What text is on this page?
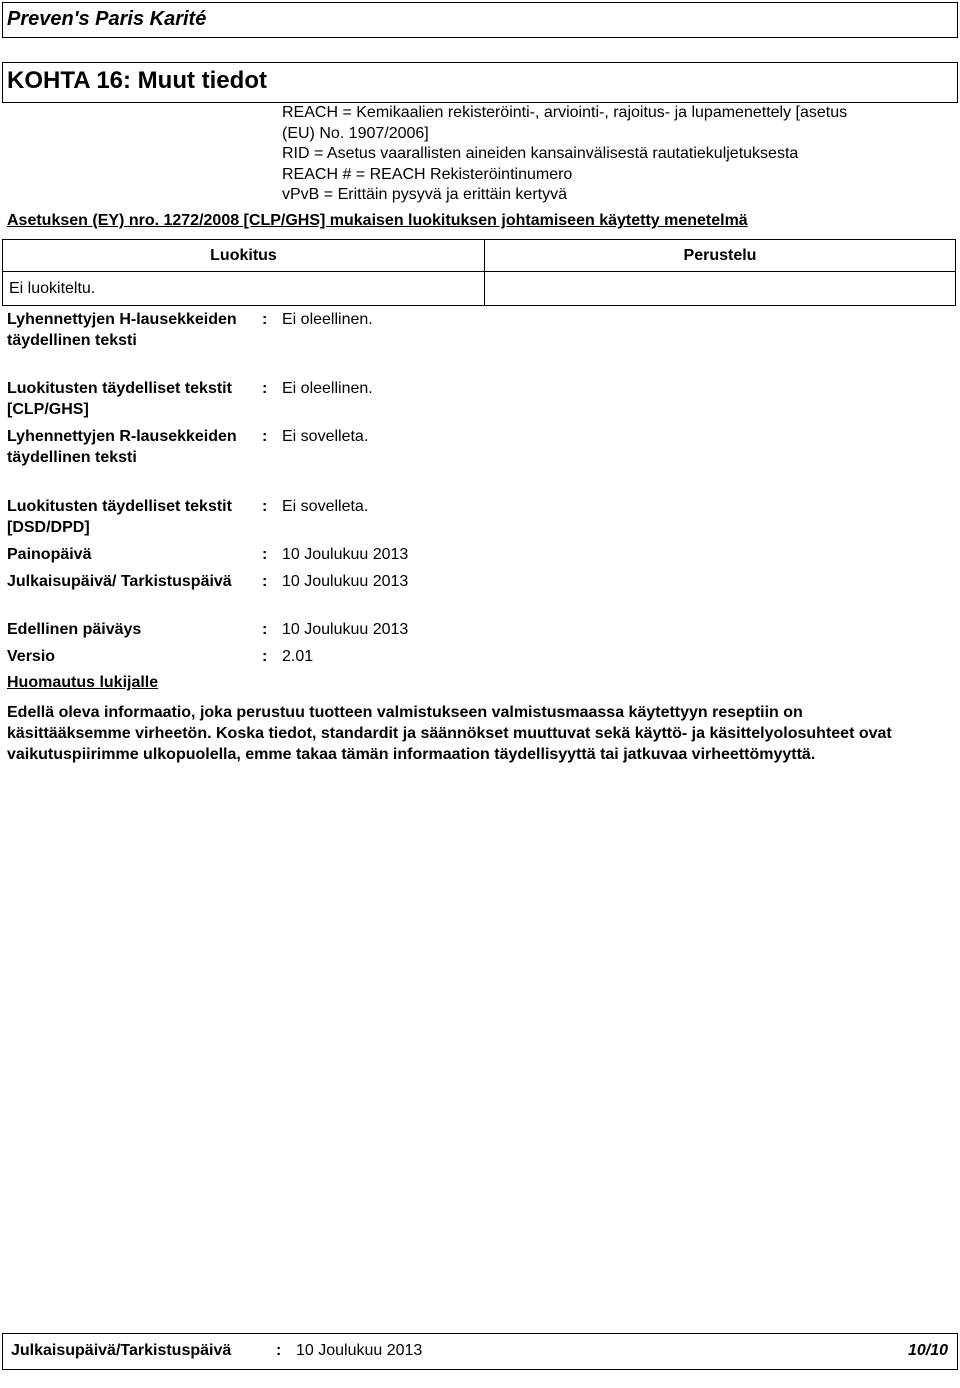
Preven's Paris Karité
KOHTA 16: Muut tiedot
REACH = Kemikaalien rekisteröinti-, arviointi-, rajoitus- ja lupamenettely [asetus
(EU) No. 1907/2006]
RID = Asetus vaarallisten aineiden kansainvälisestä rautatiekuljetuksesta
REACH # = REACH Rekisteröintinumero
vPvB = Erittäin pysyvä ja erittäin kertyvä
Asetuksen (EY) nro. 1272/2008 [CLP/GHS] mukaisen luokituksen johtamiseen käytetty menetelmä
Luokitus	Perustelu
Ei luokiteltu.	
Lyhennettyjen H-lausekkeiden täydellinen teksti
: Ei oleellinen.
Luokitusten täydelliset tekstit [CLP/GHS]
: Ei oleellinen.
Lyhennettyjen R-lausekkeiden täydellinen teksti
: Ei sovelleta.
Luokitusten täydelliset tekstit [DSD/DPD]
: Ei sovelleta.
Painopäivä	: 10 Joulukuu 2013
Julkaisupäivä/ Tarkistuspäivä	: 10 Joulukuu 2013
Edellinen päiväys	: 10 Joulukuu 2013
Versio	: 2.01
Huomautus lukijalle
Edellä oleva informaatio, joka perustuu tuotteen valmistukseen valmistusmaassa käytettyyn reseptiin on käsittääksemme virheetön. Koska tiedot, standardit ja säännökset muuttuvat sekä käyttö- ja käsittelyolosuhteet ovat vaikutuspiirimme ulkopuolella, emme takaa tämän informaation täydellisyyttä tai jatkuvaa virheettömyyttä.
Julkaisupäivä/Tarkistuspäivä	: 10 Joulukuu 2013	10/10
